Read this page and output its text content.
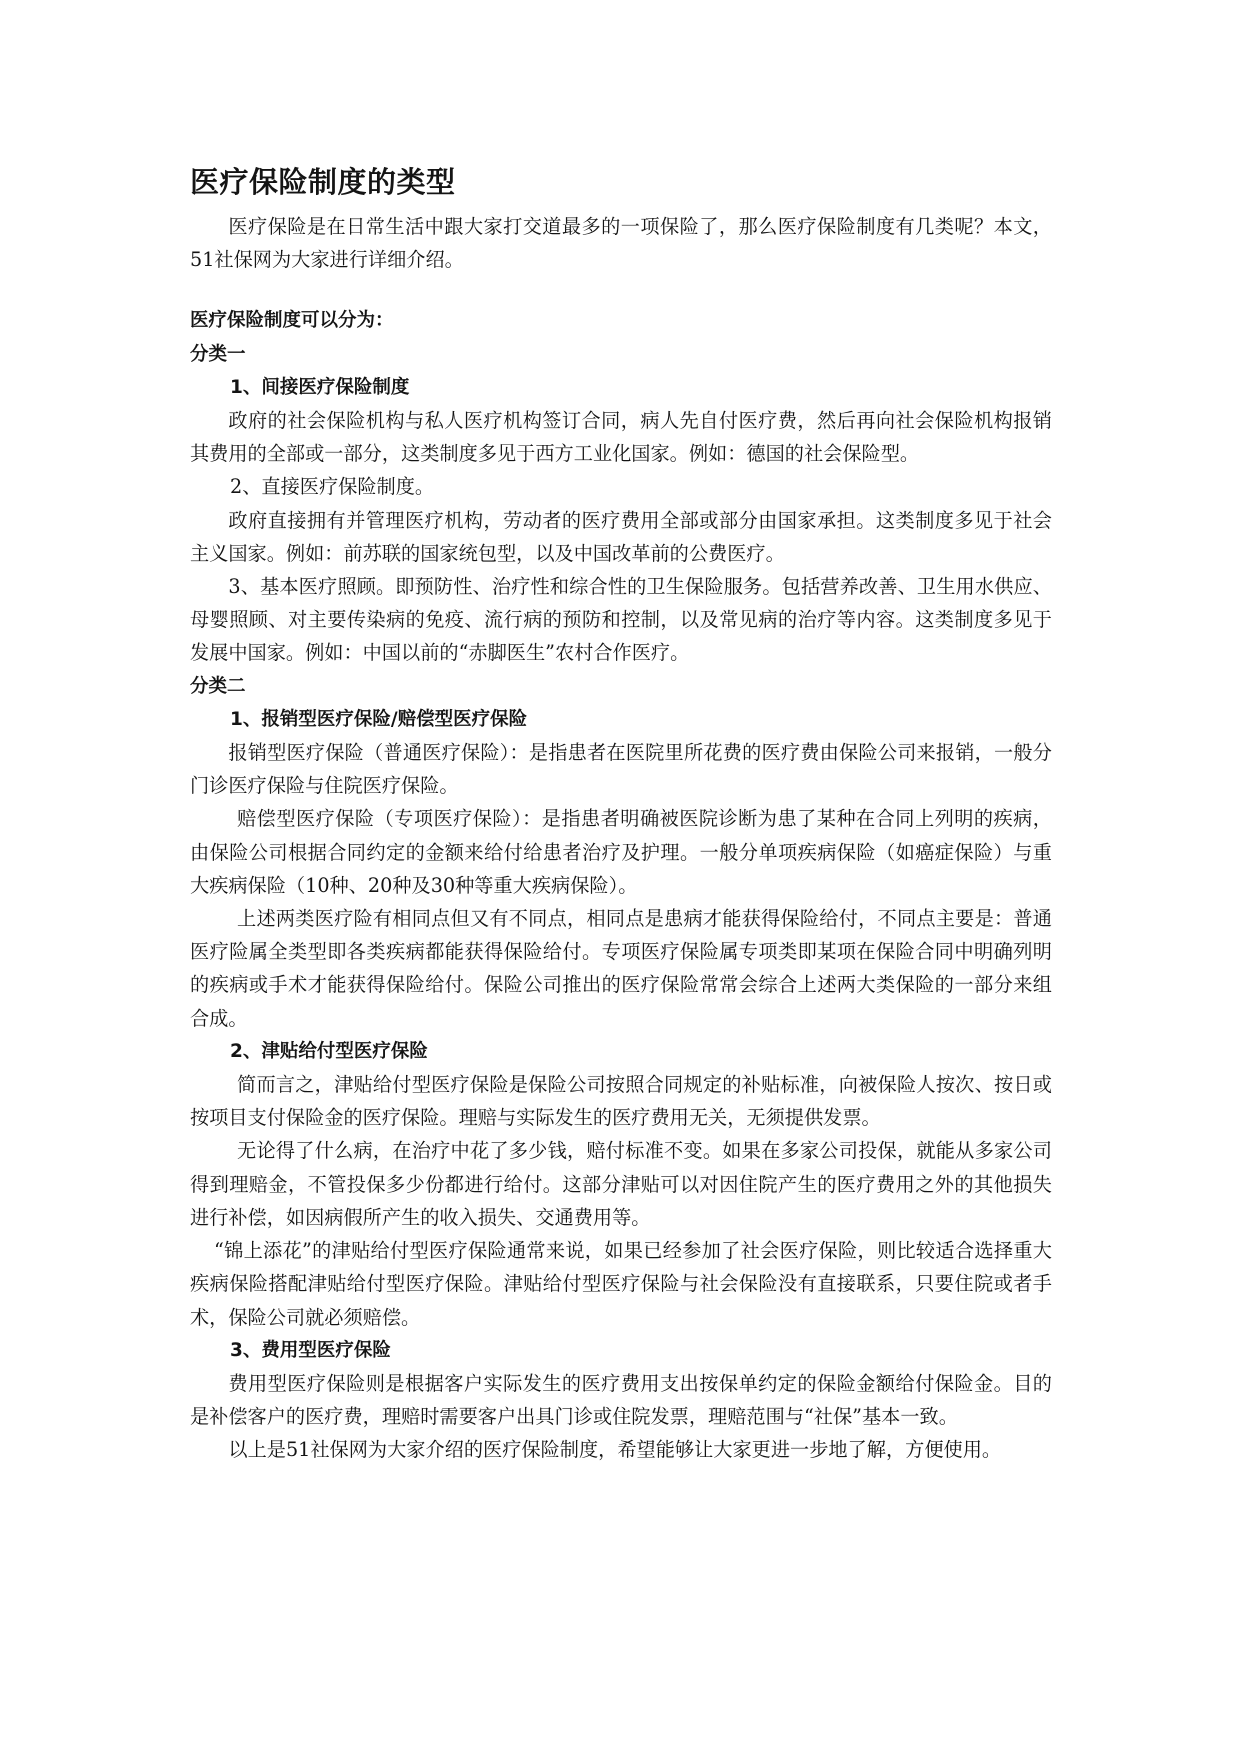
医疗保险制度的类型

医疗保险是在日常生活中跟大家打交道最多的一项保险了，那么医疗保险制度有几类呢？本文，51社保网为大家进行详细介绍。

医疗保险制度可以分为：

分类一

1、间接医疗保险制度

政府的社会保险机构与私人医疗机构签订合同，病人先自付医疗费，然后再向社会保险机构报销其费用的全部或一部分，这类制度多见于西方工业化国家。例如：德国的社会保险型。

2、直接医疗保险制度。

政府直接拥有并管理医疗机构，劳动者的医疗费用全部或部分由国家承担。这类制度多见于社会主义国家。例如：前苏联的国家统包型，以及中国改革前的公费医疗。

3、基本医疗照顾。即预防性、治疗性和综合性的卫生保险服务。包括营养改善、卫生用水供应、母婴照顾、对主要传染病的免疫、流行病的预防和控制，以及常见病的治疗等内容。这类制度多见于发展中国家。例如：中国以前的“赤脚医生”农村合作医疗。

分类二

1、报销型医疗保险/赔偿型医疗保险

报销型医疗保险（普通医疗保险）：是指患者在医院里所花费的医疗费由保险公司来报销，一般分门诊医疗保险与住院医疗保险。

赔偿型医疗保险（专项医疗保险）：是指患者明确被医院诊断为患了某种在合同上列明的疾病，由保险公司根据合同约定的金额来给付给患者治疗及护理。一般分单项疾病保险（如癌症保险）与重大疾病保险（10种、20种及30种等重大疾病保险）。

上述两类医疗险有相同点但又有不同点，相同点是患病才能获得保险给付，不同点主要是：普通医疗险属全类型即各类疾病都能获得保险给付。专项医疗保险属专项类即某项在保险合同中明确列明的疾病或手术才能获得保险给付。保险公司推出的医疗保险常常会综合上述两大类保险的一部分来组合成。

2、津贴给付型医疗保险

简而言之，津贴给付型医疗保险是保险公司按照合同规定的补贴标准，向被保险人按次、按日或按项目支付保险金的医疗保险。理赔与实际发生的医疗费用无关，无须提供发票。

无论得了什么病，在治疗中花了多少钱，赔付标准不变。如果在多家公司投保，就能从多家公司得到理赔金，不管投保多少份都进行给付。这部分津贴可以对因住院产生的医疗费用之外的其他损失进行补偿，如因病假所产生的收入损失、交通费用等。

“锦上添花”的津贴给付型医疗保险通常来说，如果已经参加了社会医疗保险，则比较适合选择重大疾病保险搭配津贴给付型医疗保险。津贴给付型医疗保险与社会保险没有直接联系，只要住院或者手术，保险公司就必须赔偿。

3、费用型医疗保险

费用型医疗保险则是根据客户实际发生的医疗费用支出按保单约定的保险金额给付保险金。目的是补偿客户的医疗费，理赔时需要客户出具门诊或住院发票，理赔范围与“社保”基本一致。

以上是51社保网为大家介绍的医疗保险制度，希望能够让大家更进一步地了解，方便使用。
